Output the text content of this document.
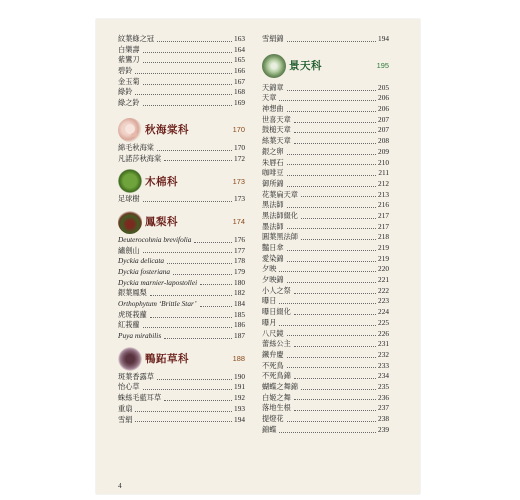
紋葉綠之冠	163
白樂壽	164
紫鸞刀	165
碧鈴	166
金玉菊	167
綠鈴	168
綠之鈴	169
秋海棠科	170
綿毛秋海棠	170
凡諾莎秋海棠	172
木棉科	173
足球樹	173
鳳梨科	174
Deuterocohnia brevifolia	176
繡劍山	177
Dyckia delicata	178
Dyckia fosteriana	179
Dyckia marnier-lapostollei	180
銀葉鳳梨	182
Orthophytum ‘Brittle Star’	184
虎斑莪蘿	185
紅莪蘿	186
Puya mirabilis	187
鴨跖草科	188
斑葉香露草	190
怡心草	191
蛛絲毛藍耳草	192
重扇	193
雪絹	194
雪絹錦	194
景天科	195
天錦章	205
天章	206
神想曲	206
世喜天章	207
鼓槌天章	207
絲葉天章	208
銀之卵	209
朱唇石	210
咖啡豆	211
御所錦	212
花葉扁天章	213
黑法師	216
黑法師綴化	217
墨法師	217
圓葉黑法師	218
豔日傘	219
愛染錦	219
夕映	220
夕映錦	221
小人之祭	222
曝日	223
曝日綴化	224
曝月	225
八尺鏡	226
蕾絲公主	231
鐵弁慶	232
不死鳥	233
不死鳥錦	234
蝴蝶之舞錦	235
白姬之舞	236
落地生根	237
提燈花	238
錦蝶	239
4
